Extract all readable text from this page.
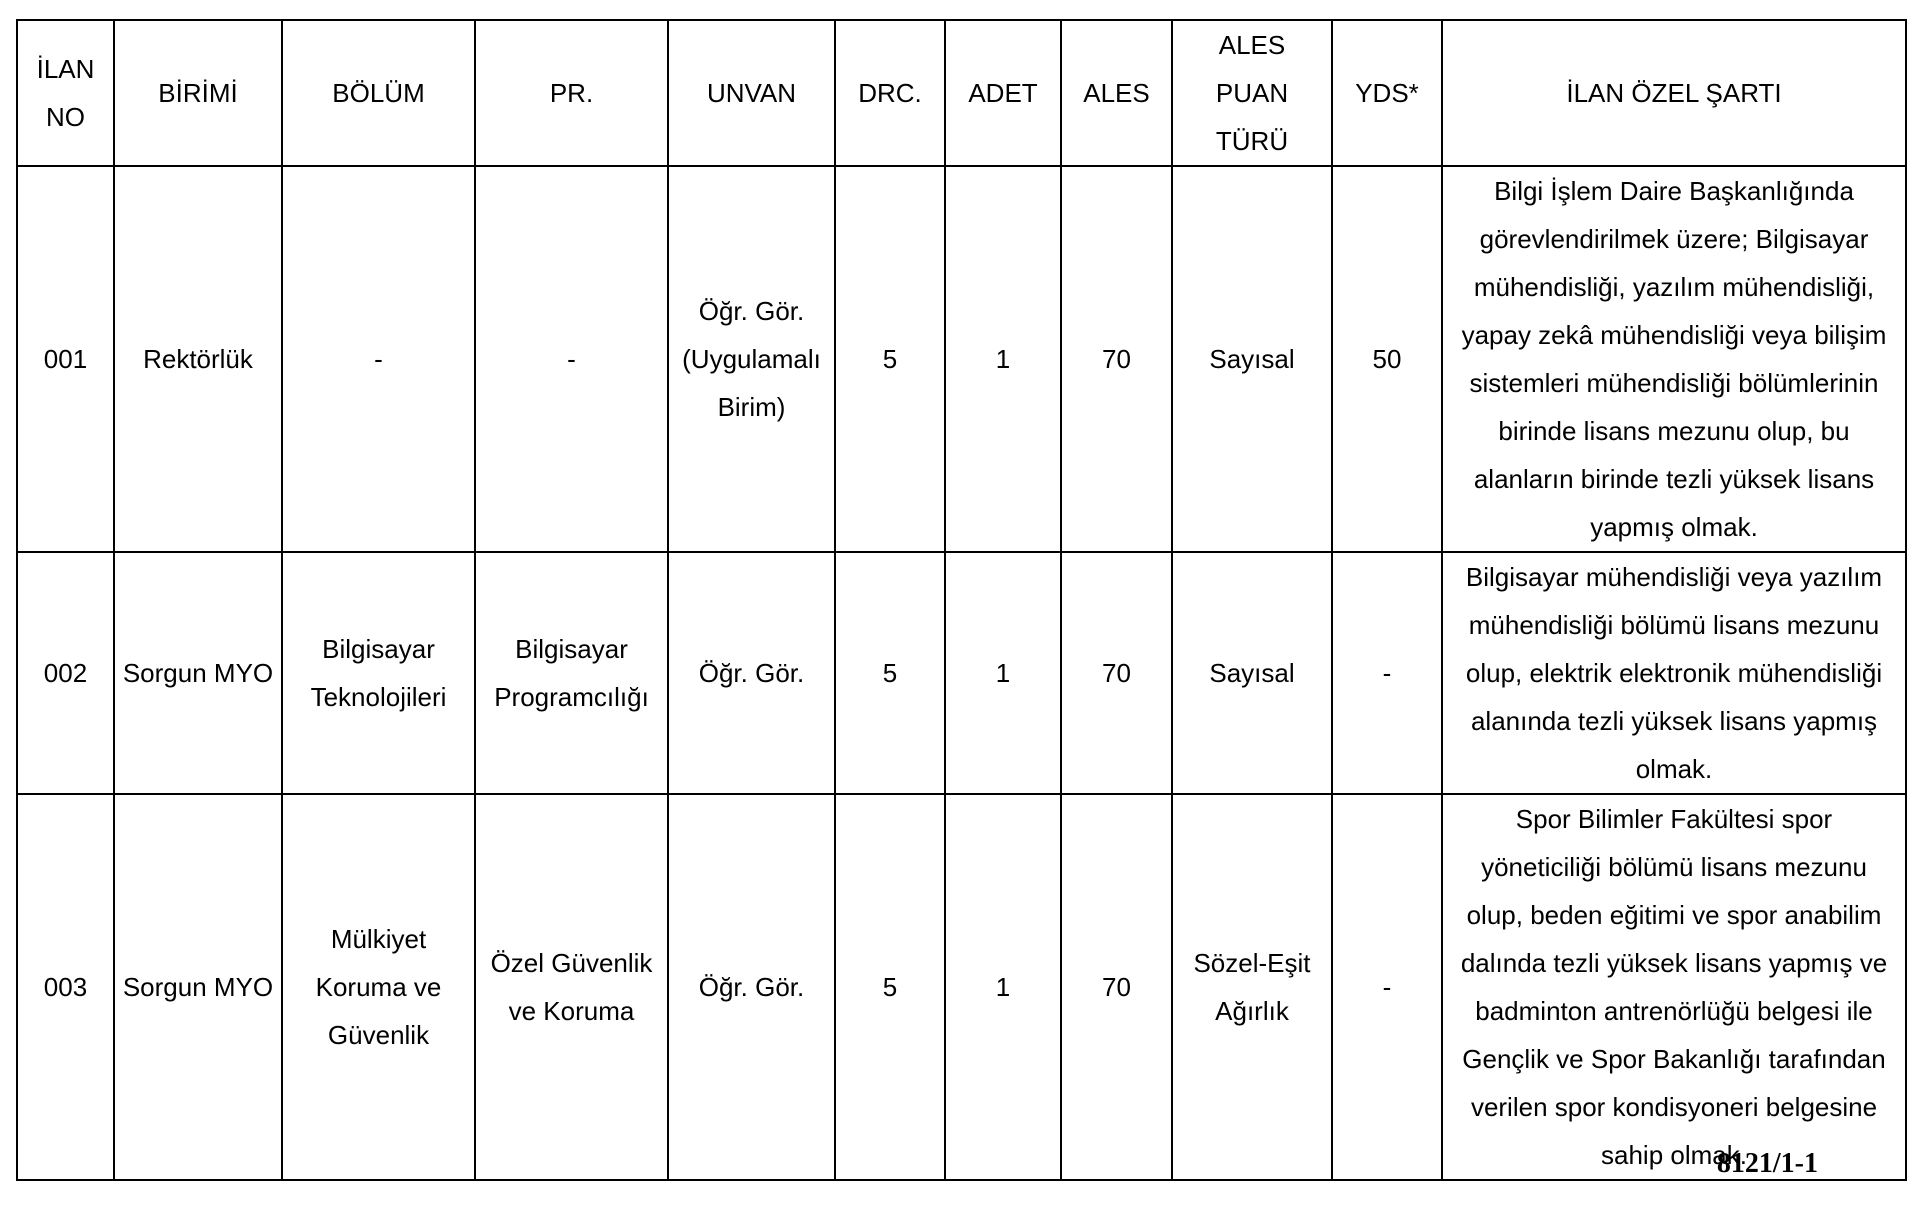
İLAN NO	BİRİMİ	BÖLÜM	PR.	UNVAN	DRC.	ADET	ALES	ALES PUAN TÜRÜ	YDS*	İLAN ÖZEL ŞARTI
001	Rektörlük	-	-	Öğr. Gör. (Uygulamalı Birim)	5	1	70	Sayısal	50	Bilgi İşlem Daire Başkanlığında görevlendirilmek üzere; Bilgisayar mühendisliği, yazılım mühendisliği, yapay zekâ mühendisliği veya bilişim sistemleri mühendisliği bölümlerinin birinde lisans mezunu olup, bu alanların birinde tezli yüksek lisans yapmış olmak.
002	Sorgun MYO	Bilgisayar Teknolojileri	Bilgisayar Programcılığı	Öğr. Gör.	5	1	70	Sayısal	-	Bilgisayar mühendisliği veya yazılım mühendisliği bölümü lisans mezunu olup, elektrik elektronik mühendisliği alanında tezli yüksek lisans yapmış olmak.
003	Sorgun MYO	Mülkiyet Koruma ve Güvenlik	Özel Güvenlik ve Koruma	Öğr. Gör.	5	1	70	Sözel-Eşit Ağırlık	-	Spor Bilimler Fakültesi spor yöneticiliği bölümü lisans mezunu olup, beden eğitimi ve spor anabilim dalında tezli yüksek lisans yapmış ve badminton antrenörlüğü belgesi ile Gençlik ve Spor Bakanlığı tarafından verilen spor kondisyoneri belgesine sahip olmak.
8121/1-1
